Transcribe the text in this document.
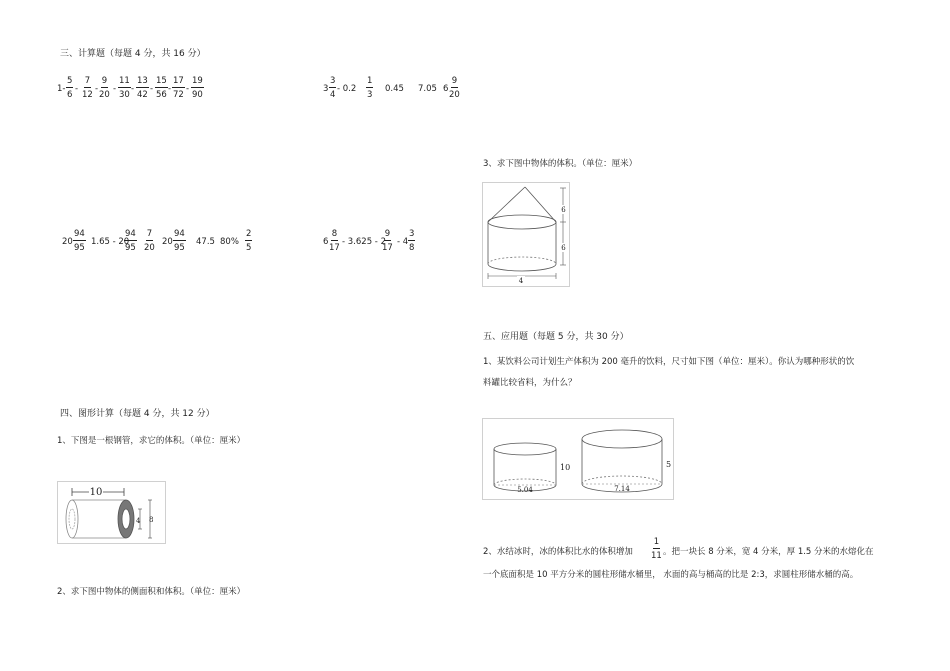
三、计算题（每题 4 分，共 16 分）
$1- \frac{5}{6} - \frac{7}{12} - \frac{9}{20} - \frac{11}{30} - \frac{13}{42} - \frac{15}{56} - \frac{17}{72} - \frac{19}{90}$	$3 \frac{3}{4} - 0.2 \frac{1}{3} 0.45$ 7.05 $6 \frac{9}{20}$
$20 \frac{94}{95} 1.65 - 20$
$\frac{94}{95} \frac{7}{20} 20 \frac{94}{95} 47.5$ $80\% \frac{2}{5}$	$6 \frac{8}{17} - 3.625 - 2$
$\frac{9}{17} - 4 \frac{3}{8}$
四、图形计算（每题 4 分，共 12 分）
1、下图是一根钢管，求它的体积。（单位：厘米）
10
4 8
2、求下图中物体的侧面积和体积。（单位：厘米）
3、求下图中物体的体积。（单位：厘米）
6
6
4
五、应用题（每题 5 分，共 30 分）
1、某饮料公司计划生产体积为 200 毫升的饮料，尺寸如下图（单位：厘米）。你认为哪种形状的饮
料罐比较省料，为什么？
5.04
10
7.14
5
2、水结冰时，冰的体积比水的体积增加 $\frac{1}{11}$ 。把一块长 8 分米，宽 4 分米，厚 1.5 分米的水熔化在
一个底面积是 10 平方分米的圆柱形储水桶里， 水面的高与桶高的比是 2:3，求圆柱形储水桶的高。
